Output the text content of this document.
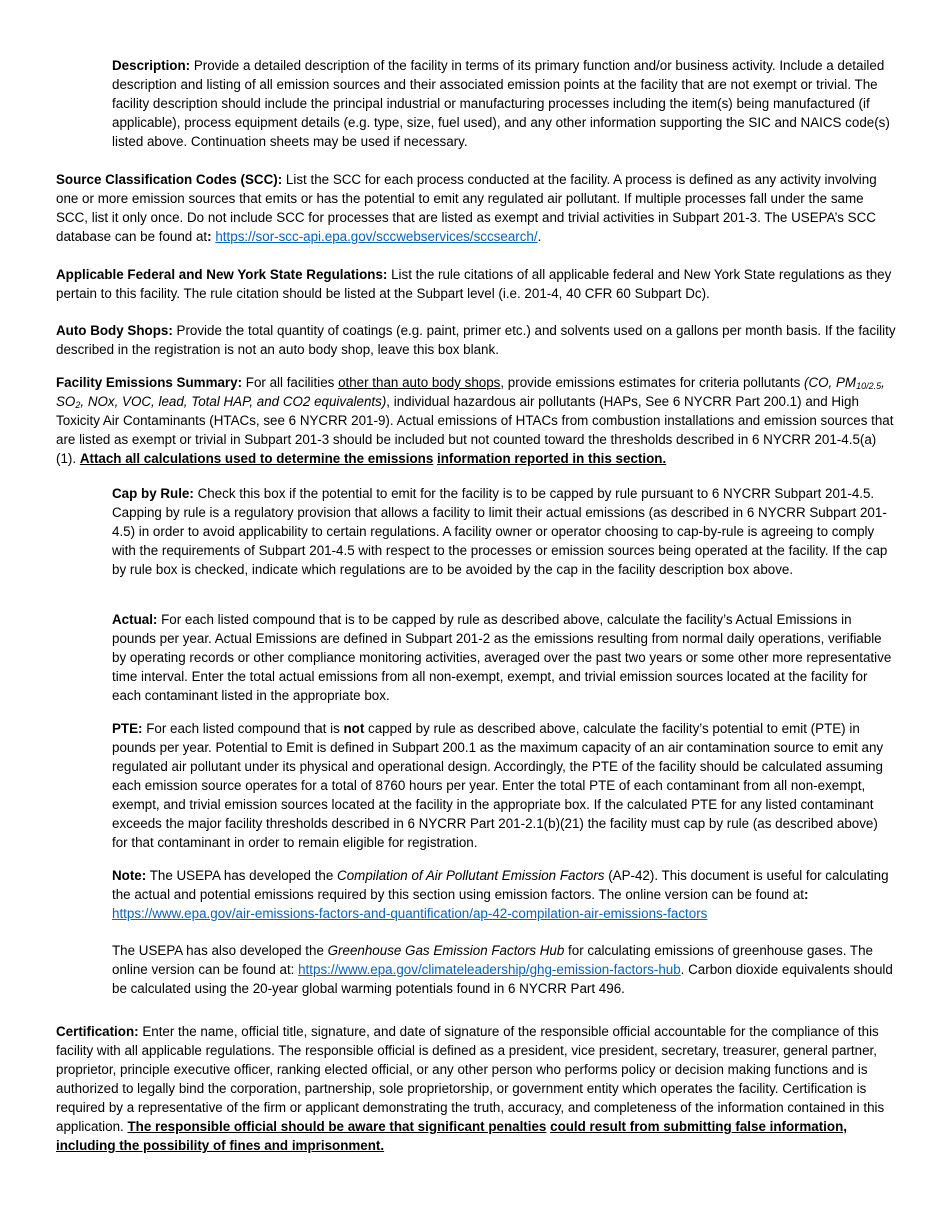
Description: Provide a detailed description of the facility in terms of its primary function and/or business activity. Include a detailed description and listing of all emission sources and their associated emission points at the facility that are not exempt or trivial. The facility description should include the principal industrial or manufacturing processes including the item(s) being manufactured (if applicable), process equipment details (e.g. type, size, fuel used), and any other information supporting the SIC and NAICS code(s) listed above. Continuation sheets may be used if necessary.

Source Classification Codes (SCC): List the SCC for each process conducted at the facility. A process is defined as any activity involving one or more emission sources that emits or has the potential to emit any regulated air pollutant. If multiple processes fall under the same SCC, list it only once. Do not include SCC for processes that are listed as exempt and trivial activities in Subpart 201-3. The USEPA’s SCC database can be found at: https://sor-scc-api.epa.gov/sccwebservices/sccsearch/.

Applicable Federal and New York State Regulations: List the rule citations of all applicable federal and New York State regulations as they pertain to this facility. The rule citation should be listed at the Subpart level (i.e. 201-4, 40 CFR 60 Subpart Dc).

Auto Body Shops: Provide the total quantity of coatings (e.g. paint, primer etc.) and solvents used on a gallons per month basis. If the facility described in the registration is not an auto body shop, leave this box blank.

Facility Emissions Summary: For all facilities other than auto body shops, provide emissions estimates for criteria pollutants (CO, $PM_{10/2.5}$, $SO_2$, NOx, VOC, lead, Total HAP, and CO2 equivalents), individual hazardous air pollutants (HAPs, See 6 NYCRR Part 200.1) and High Toxicity Air Contaminants (HTACs, see 6 NYCRR 201-9). Actual emissions of HTACs from combustion installations and emission sources that are listed as exempt or trivial in Subpart 201-3 should be included but not counted toward the thresholds described in 6 NYCRR 201-4.5(a)(1). Attach all calculations used to determine the emissions information reported in this section.

Cap by Rule: Check this box if the potential to emit for the facility is to be capped by rule pursuant to 6 NYCRR Subpart 201-4.5. Capping by rule is a regulatory provision that allows a facility to limit their actual emissions (as described in 6 NYCRR Subpart 201-4.5) in order to avoid applicability to certain regulations. A facility owner or operator choosing to cap-by-rule is agreeing to comply with the requirements of Subpart 201-4.5 with respect to the processes or emission sources being operated at the facility. If the cap by rule box is checked, indicate which regulations are to be avoided by the cap in the facility description box above.

Actual: For each listed compound that is to be capped by rule as described above, calculate the facility’s Actual Emissions in pounds per year. Actual Emissions are defined in Subpart 201-2 as the emissions resulting from normal daily operations, verifiable by operating records or other compliance monitoring activities, averaged over the past two years or some other more representative time interval. Enter the total actual emissions from all non-exempt, exempt, and trivial emission sources located at the facility for each contaminant listed in the appropriate box.

PTE: For each listed compound that is not capped by rule as described above, calculate the facility’s potential to emit (PTE) in pounds per year. Potential to Emit is defined in Subpart 200.1 as the maximum capacity of an air contamination source to emit any regulated air pollutant under its physical and operational design. Accordingly, the PTE of the facility should be calculated assuming each emission source operates for a total of 8760 hours per year. Enter the total PTE of each contaminant from all non-exempt, exempt, and trivial emission sources located at the facility in the appropriate box. If the calculated PTE for any listed contaminant exceeds the major facility thresholds described in 6 NYCRR Part 201-2.1(b)(21) the facility must cap by rule (as described above) for that contaminant in order to remain eligible for registration.

Note: The USEPA has developed the Compilation of Air Pollutant Emission Factors (AP-42). This document is useful for calculating the actual and potential emissions required by this section using emission factors. The online version can be found at: https://www.epa.gov/air-emissions-factors-and-quantification/ap-42-compilation-air-emissions-factors

The USEPA has also developed the Greenhouse Gas Emission Factors Hub for calculating emissions of greenhouse gases. The online version can be found at: https://www.epa.gov/climateleadership/ghg-emission-factors-hub. Carbon dioxide equivalents should be calculated using the 20-year global warming potentials found in 6 NYCRR Part 496.

Certification: Enter the name, official title, signature, and date of signature of the responsible official accountable for the compliance of this facility with all applicable regulations. The responsible official is defined as a president, vice president, secretary, treasurer, general partner, proprietor, principle executive officer, ranking elected official, or any other person who performs policy or decision making functions and is authorized to legally bind the corporation, partnership, sole proprietorship, or government entity which operates the facility. Certification is required by a representative of the firm or applicant demonstrating the truth, accuracy, and completeness of the information contained in this application. The responsible official should be aware that significant penalties could result from submitting false information, including the possibility of fines and imprisonment.
